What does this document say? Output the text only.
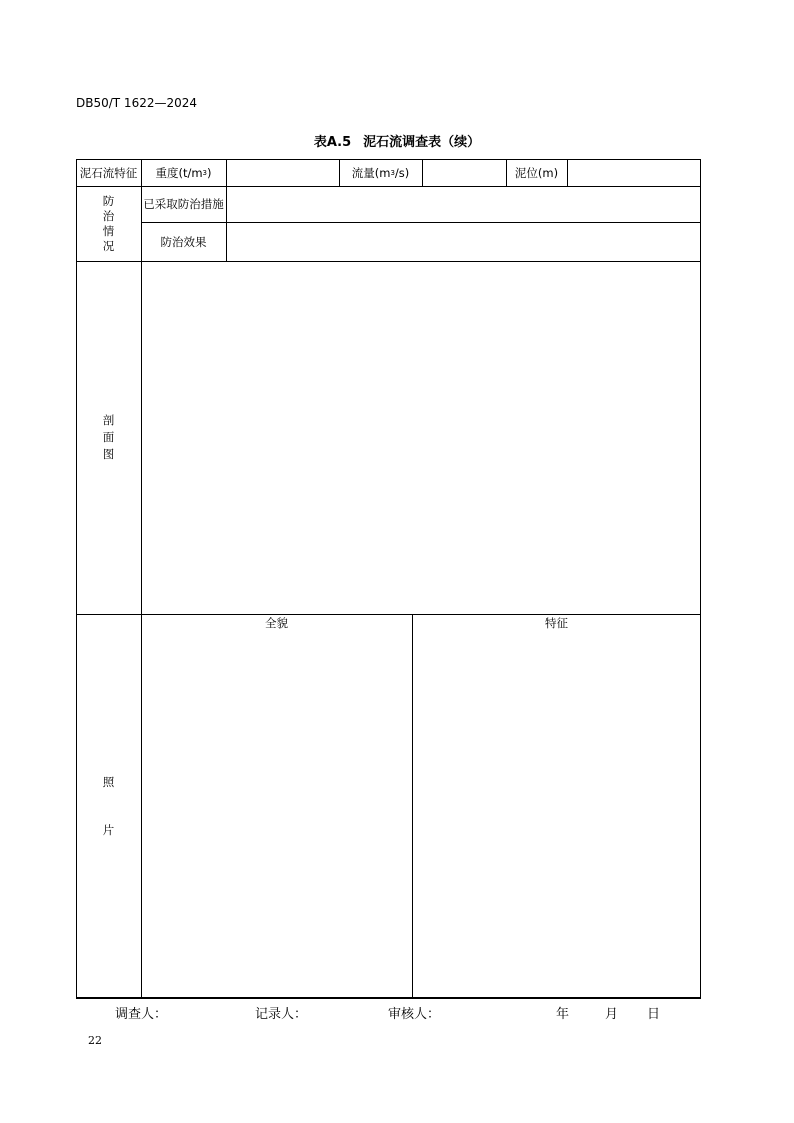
DB50/T 1622—2024
表A.5 泥石流调查表（续）
泥石流特征	重度(t/m 3 )	流量(m 3 /s)	泥位(m)
防
治
情
况
已采取防治措施
防治效果
剖
面
图
照
片
全貌	特征
调查人：	记录人：	审核人：	年	月 日
22
